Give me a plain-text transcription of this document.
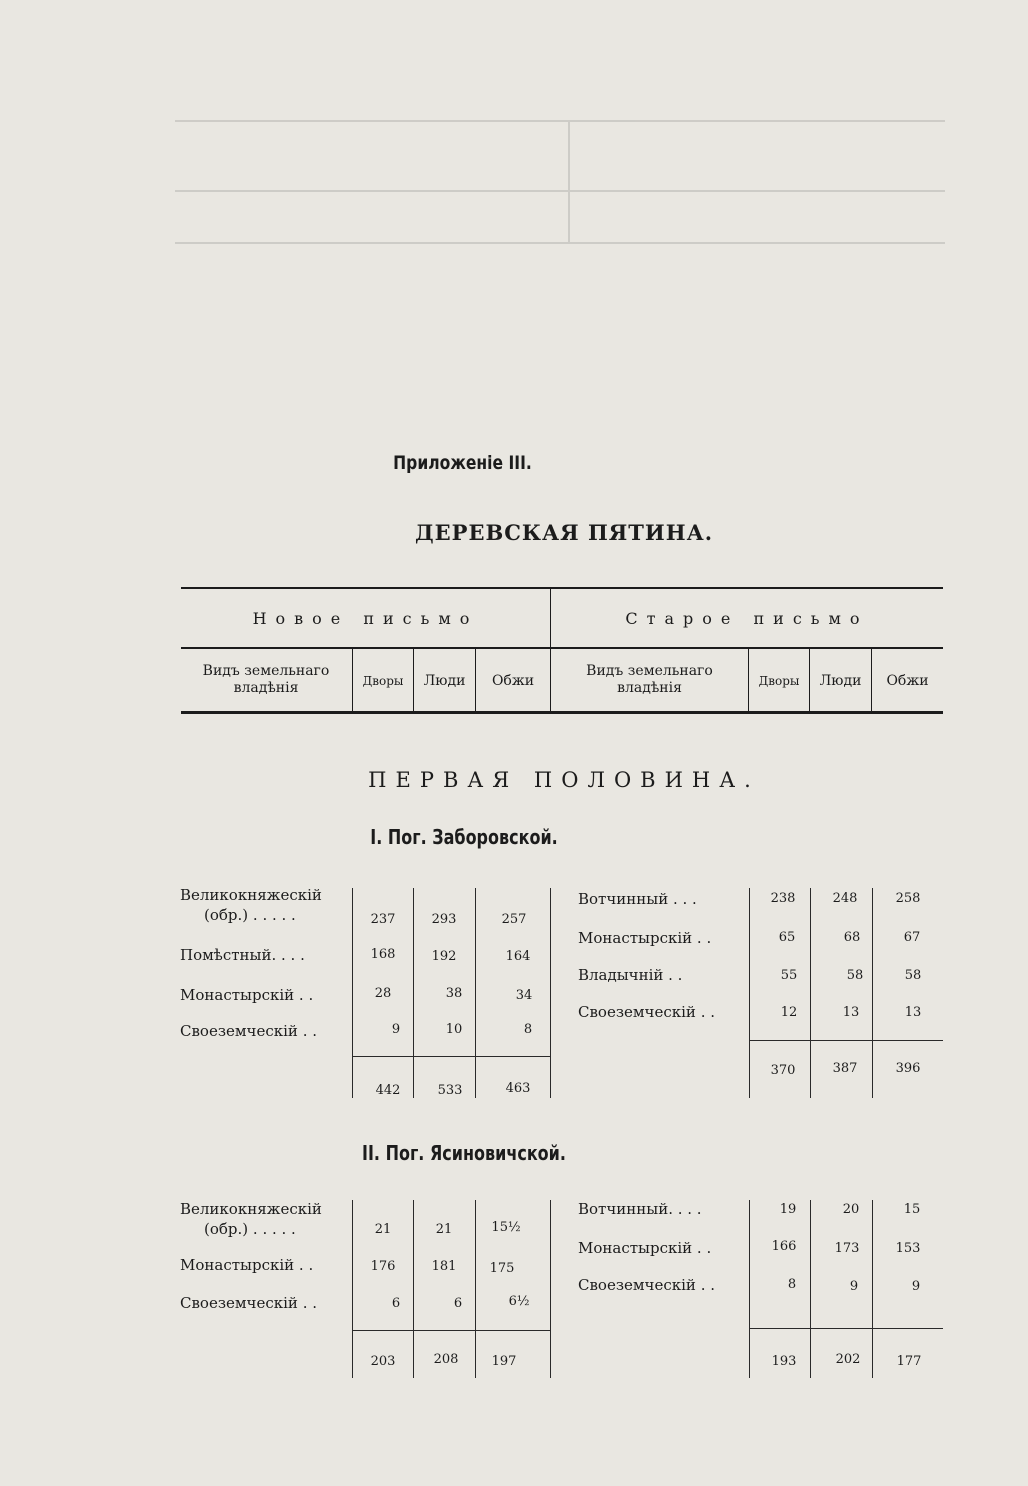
Приложенiе III.
ДЕРЕВСКАЯ ПЯТИНА.
Новое письмо	Старое письмо
Видъ земельнаго владѣнія	Дворы	Люди	Обжи
Видъ земельнаго владѣнія	Дворы	Люди	Обжи
ПЕРВАЯ ПОЛОВИНА.
I. Пог. Заборовской.
Великокняжескій
(обр.) . . . . .	237	293	257
Помѣстный. . . .	168	192	164
Монастырскій . .	28	38	34
Своеземческій . .	9	10	8
442	533	463
Вотчинный . . .	238	248	258
Монастырскій . .	65	68	67
Владычній . .	55	58	58
Своеземческій . .	12	13	13
370	387	396
II. Пог. Ясиновичской.
Великокняжескій
(обр.) . . . . .	21	21	15½
Монастырскій . .	176	181	175
Своеземческій . .	6	6	6½
203	208	197
Вотчинный. . . .	19	20	15
Монастырскій . .	166	173	153
Своеземческій . .	8	9	9
193	202	177
